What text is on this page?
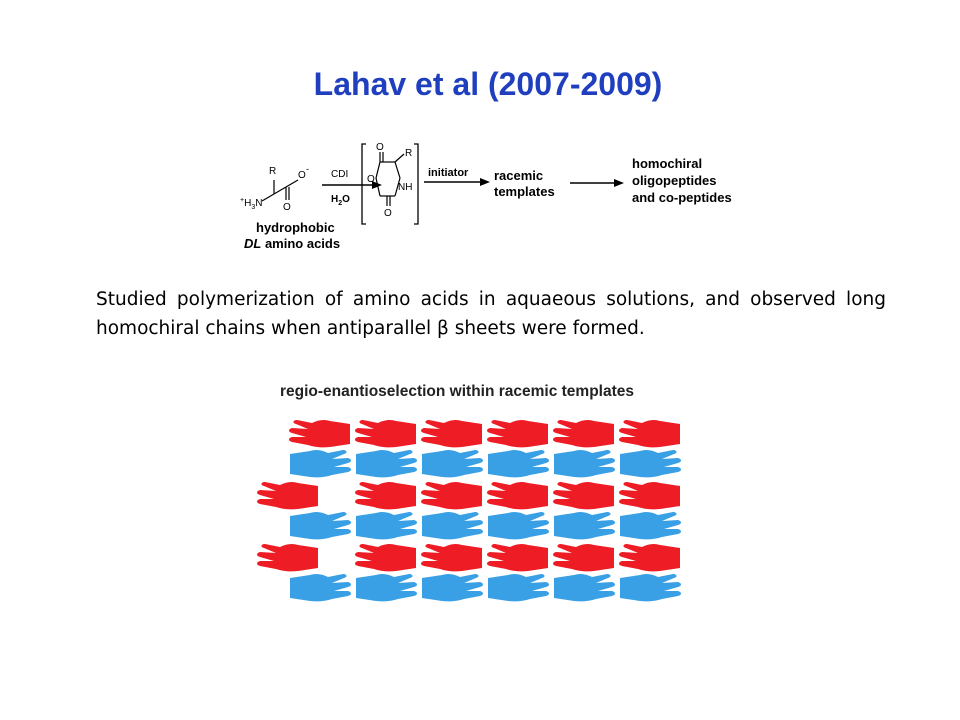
Lahav et al (2007-2009)
R O
-
O
$^+H_3N$
CDI
$H_2O$
O
R
O
NH
O
initiator racemic
templates
homochiral
oligopeptides
and co-peptides
hydrophobic
DL amino acids

Studied polymerization of amino acids in aquaeous solutions, and observed long homochiral chains when antiparallel β sheets were formed.

regio-enantioselection within racemic templates
